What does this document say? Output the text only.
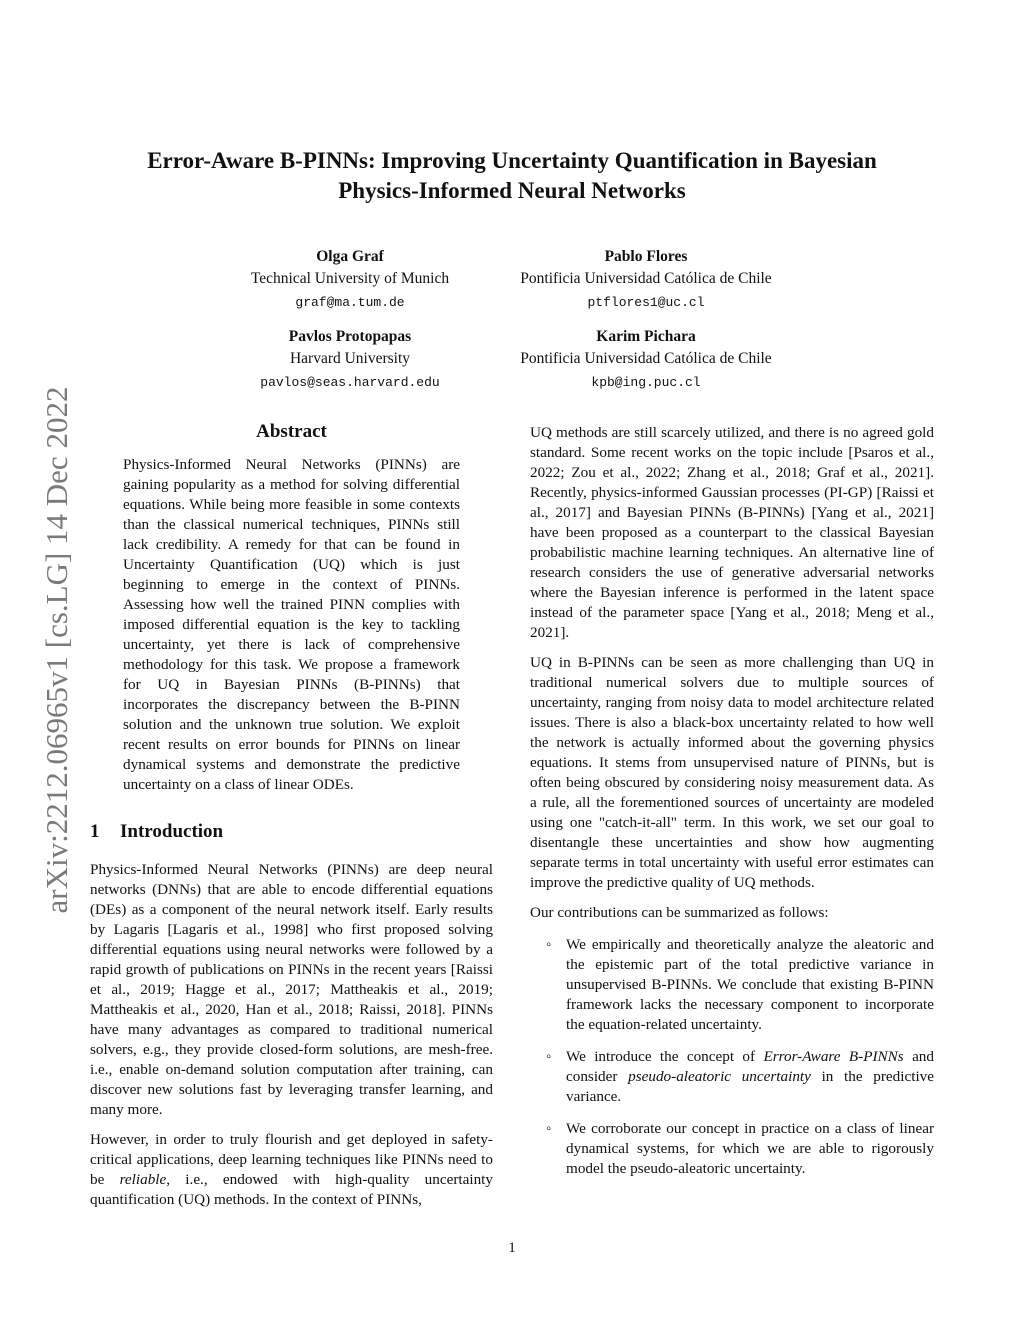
arXiv:2212.06965v1 [cs.LG] 14 Dec 2022
Error-Aware B-PINNs: Improving Uncertainty Quantification in Bayesian
Physics-Informed Neural Networks
Olga Graf
Technical University of Munich
graf@ma.tum.de
Pablo Flores
Pontificia Universidad Católica de Chile
ptflores1@uc.cl
Pavlos Protopapas
Harvard University
pavlos@seas.harvard.edu
Karim Pichara
Pontificia Universidad Católica de Chile
kpb@ing.puc.cl
Abstract
Physics-Informed Neural Networks (PINNs) are gaining popularity as a method for solving differential equations. While being more feasible in some contexts than the classical numerical techniques, PINNs still lack credibility. A remedy for that can be found in Uncertainty Quantification (UQ) which is just beginning to emerge in the context of PINNs. Assessing how well the trained PINN complies with imposed differential equation is the key to tackling uncertainty, yet there is lack of comprehensive methodology for this task. We propose a framework for UQ in Bayesian PINNs (B-PINNs) that incorporates the discrepancy between the B-PINN solution and the unknown true solution. We exploit recent results on error bounds for PINNs on linear dynamical systems and demonstrate the predictive uncertainty on a class of linear ODEs.
1 Introduction

Physics-Informed Neural Networks (PINNs) are deep neural networks (DNNs) that are able to encode differential equations (DEs) as a component of the neural network itself. Early results by Lagaris [Lagaris et al., 1998] who first proposed solving differential equations using neural networks were followed by a rapid growth of publications on PINNs in the recent years [Raissi et al., 2019; Hagge et al., 2017; Mattheakis et al., 2019; Mattheakis et al., 2020, Han et al., 2018; Raissi, 2018]. PINNs have many advantages as compared to traditional numerical solvers, e.g., they provide closed-form solutions, are mesh-free. i.e., enable on-demand solution computation after training, can discover new solutions fast by leveraging transfer learning, and many more.

However, in order to truly flourish and get deployed in safety-critical applications, deep learning techniques like PINNs need to be reliable, i.e., endowed with high-quality uncertainty quantification (UQ) methods. In the context of PINNs,

UQ methods are still scarcely utilized, and there is no agreed gold standard. Some recent works on the topic include [Psaros et al., 2022; Zou et al., 2022; Zhang et al., 2018; Graf et al., 2021]. Recently, physics-informed Gaussian processes (PI-GP) [Raissi et al., 2017] and Bayesian PINNs (B-PINNs) [Yang et al., 2021] have been proposed as a counterpart to the classical Bayesian probabilistic machine learning techniques. An alternative line of research considers the use of generative adversarial networks where the Bayesian inference is performed in the latent space instead of the parameter space [Yang et al., 2018; Meng et al., 2021].

UQ in B-PINNs can be seen as more challenging than UQ in traditional numerical solvers due to multiple sources of uncertainty, ranging from noisy data to model architecture related issues. There is also a black-box uncertainty related to how well the network is actually informed about the governing physics equations. It stems from unsupervised nature of PINNs, but is often being obscured by considering noisy measurement data. As a rule, all the forementioned sources of uncertainty are modeled using one "catch-it-all" term. In this work, we set our goal to disentangle these uncertainties and show how augmenting separate terms in total uncertainty with useful error estimates can improve the predictive quality of UQ methods.

Our contributions can be summarized as follows:

◦ We empirically and theoretically analyze the aleatoric and the epistemic part of the total predictive variance in unsupervised B-PINNs. We conclude that existing B-PINN framework lacks the necessary component to incorporate the equation-related uncertainty.
◦ We introduce the concept of Error-Aware B-PINNs and consider pseudo-aleatoric uncertainty in the predictive variance.
◦ We corroborate our concept in practice on a class of linear dynamical systems, for which we are able to rigorously model the pseudo-aleatoric uncertainty.
1
